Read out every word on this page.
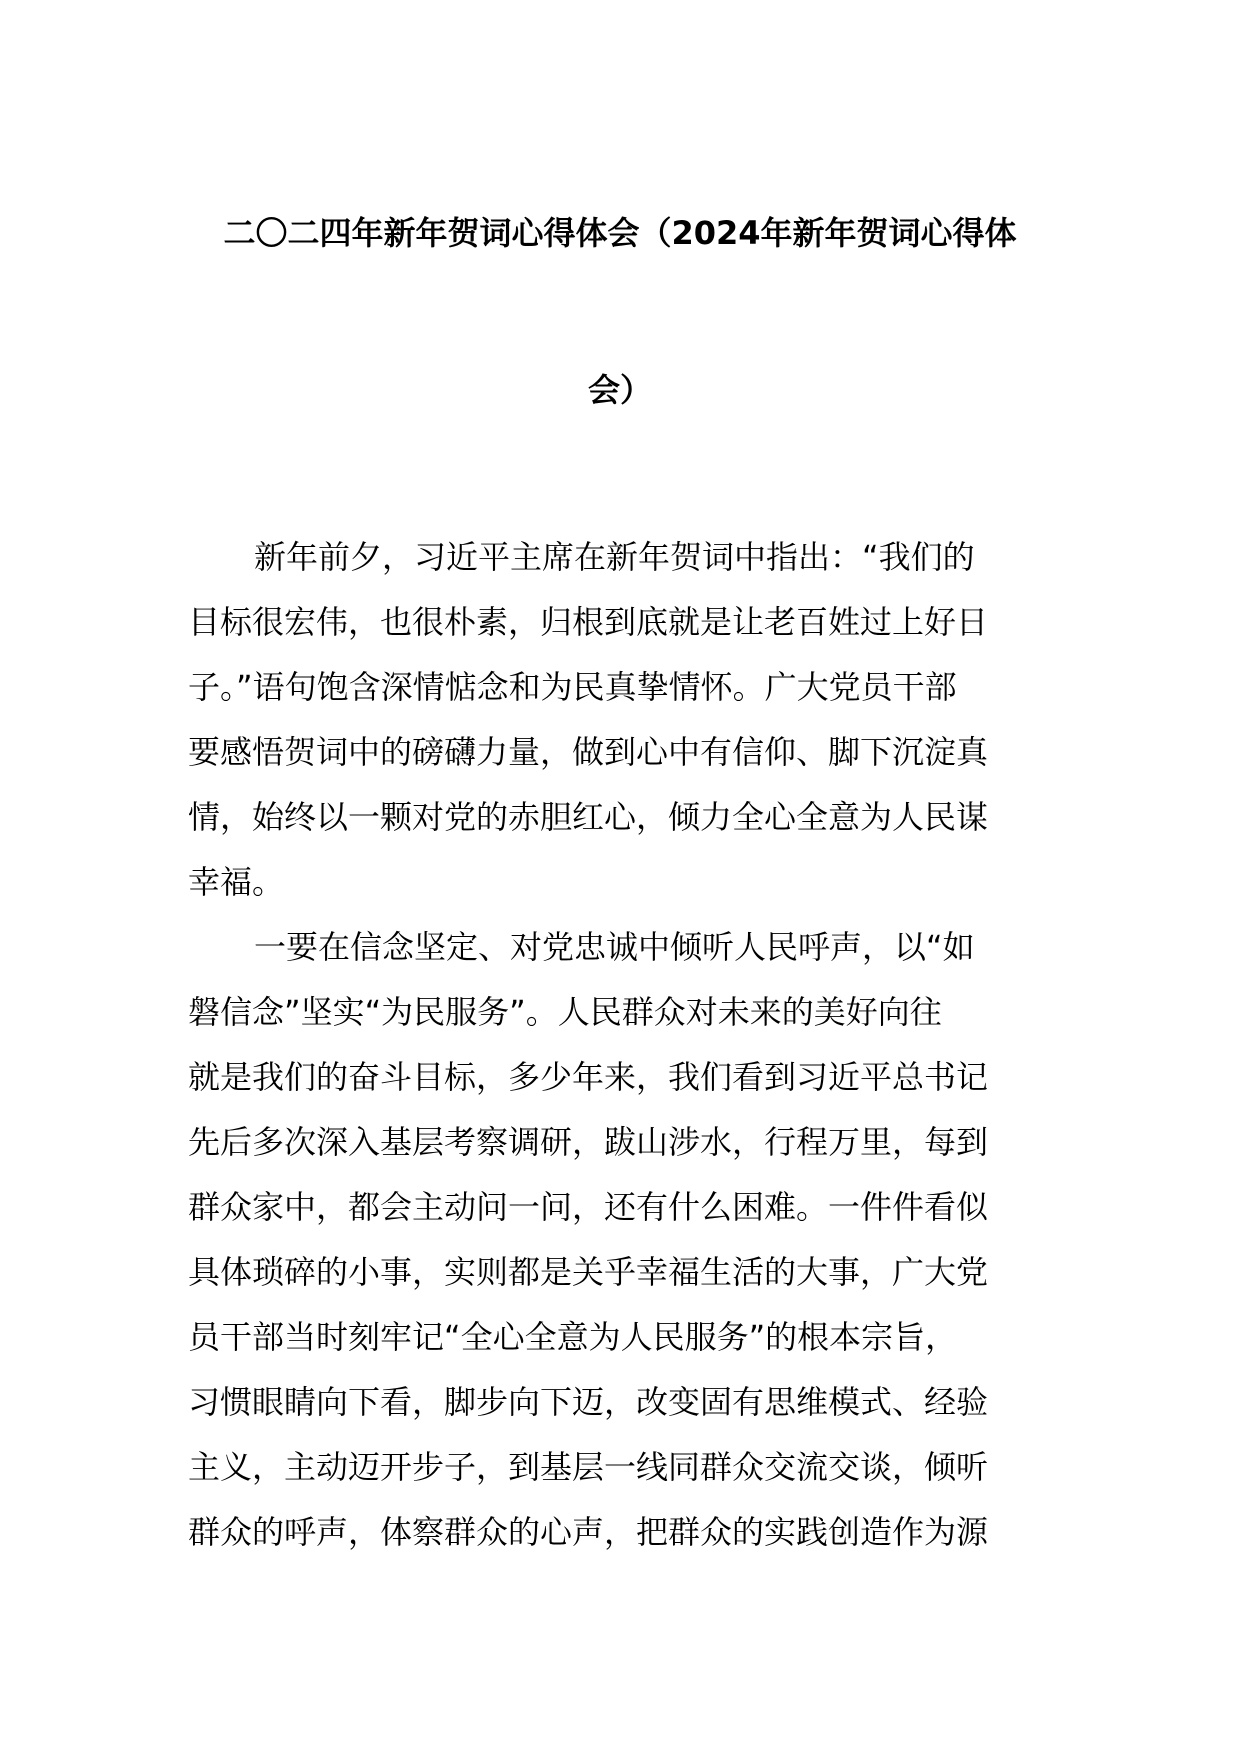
二〇二四年新年贺词心得体会（2024年新年贺词心得体
会）
新年前夕，习近平主席在新年贺词中指出：“我们的
目标很宏伟，也很朴素，归根到底就是让老百姓过上好日
子。”语句饱含深情惦念和为民真挚情怀。广大党员干部
要感悟贺词中的磅礴力量，做到心中有信仰、脚下沉淀真
情，始终以一颗对党的赤胆红心，倾力全心全意为人民谋
幸福。
一要在信念坚定、对党忠诚中倾听人民呼声，以“如
磐信念”坚实“为民服务”。人民群众对未来的美好向往
就是我们的奋斗目标，多少年来，我们看到习近平总书记
先后多次深入基层考察调研，跋山涉水，行程万里，每到
群众家中，都会主动问一问，还有什么困难。一件件看似
具体琐碎的小事，实则都是关乎幸福生活的大事，广大党
员干部当时刻牢记“全心全意为人民服务”的根本宗旨，
习惯眼睛向下看，脚步向下迈，改变固有思维模式、经验
主义，主动迈开步子，到基层一线同群众交流交谈，倾听
群众的呼声，体察群众的心声，把群众的实践创造作为源
